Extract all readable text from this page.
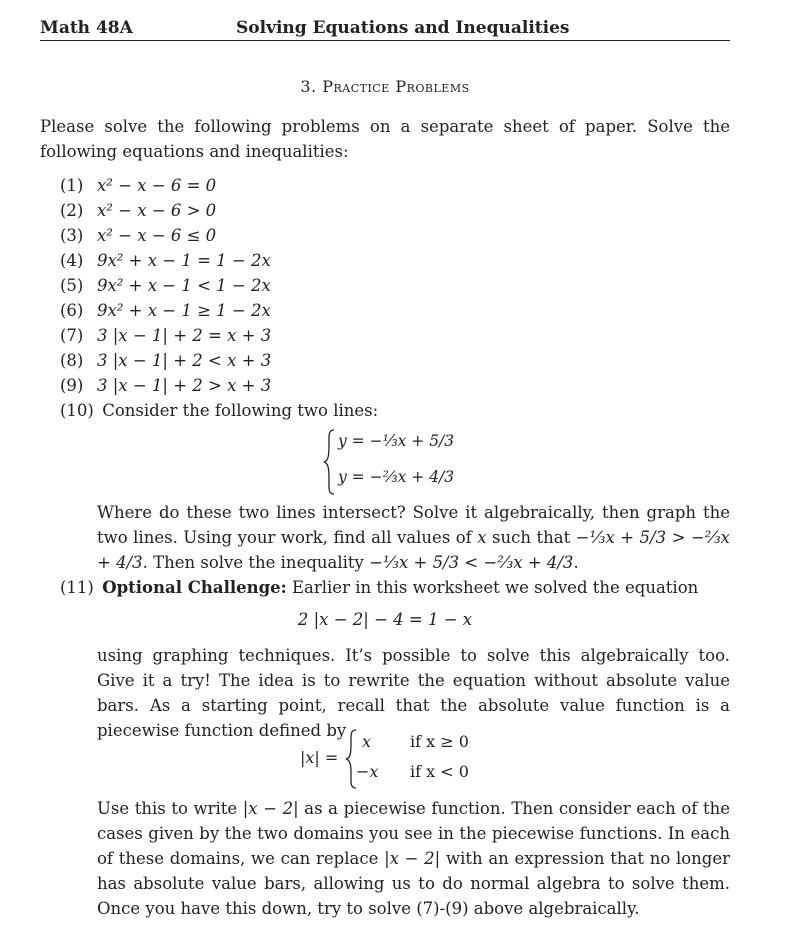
Math 48A	Solving Equations and Inequalities
3. Practice Problems
Please solve the following problems on a separate sheet of paper. Solve the following equations and inequalities:
(1) x² − x − 6 = 0
(2) x² − x − 6 > 0
(3) x² − x − 6 ≤ 0
(4) 9x² + x − 1 = 1 − 2x
(5) 9x² + x − 1 < 1 − 2x
(6) 9x² + x − 1 ≥ 1 − 2x
(7) 3 |x − 1| + 2 = x + 3
(8) 3 |x − 1| + 2 < x + 3
(9) 3 |x − 1| + 2 > x + 3
(10) Consider the following two lines:
y = −⅓x + 5/3
y = −⅔x + 4/3
Where do these two lines intersect? Solve it algebraically, then graph the two lines. Using your work, find all values of x such that −⅓x + 5/3 > −⅔x + 4/3. Then solve the inequality −⅓x + 5/3 < −⅔x + 4/3.
(11) Optional Challenge: Earlier in this worksheet we solved the equation
2 |x − 2| − 4 = 1 − x
using graphing techniques. It’s possible to solve this algebraically too. Give it a try! The idea is to rewrite the equation without absolute value bars. As a starting point, recall that the absolute value function is a piecewise function defined by
|x| =
x if x ≥ 0
−x if x < 0
Use this to write |x − 2| as a piecewise function. Then consider each of the cases given by the two domains you see in the piecewise functions. In each of these domains, we can replace |x − 2| with an expression that no longer has absolute value bars, allowing us to do normal algebra to solve them. Once you have this down, try to solve (7)-(9) above algebraically.
